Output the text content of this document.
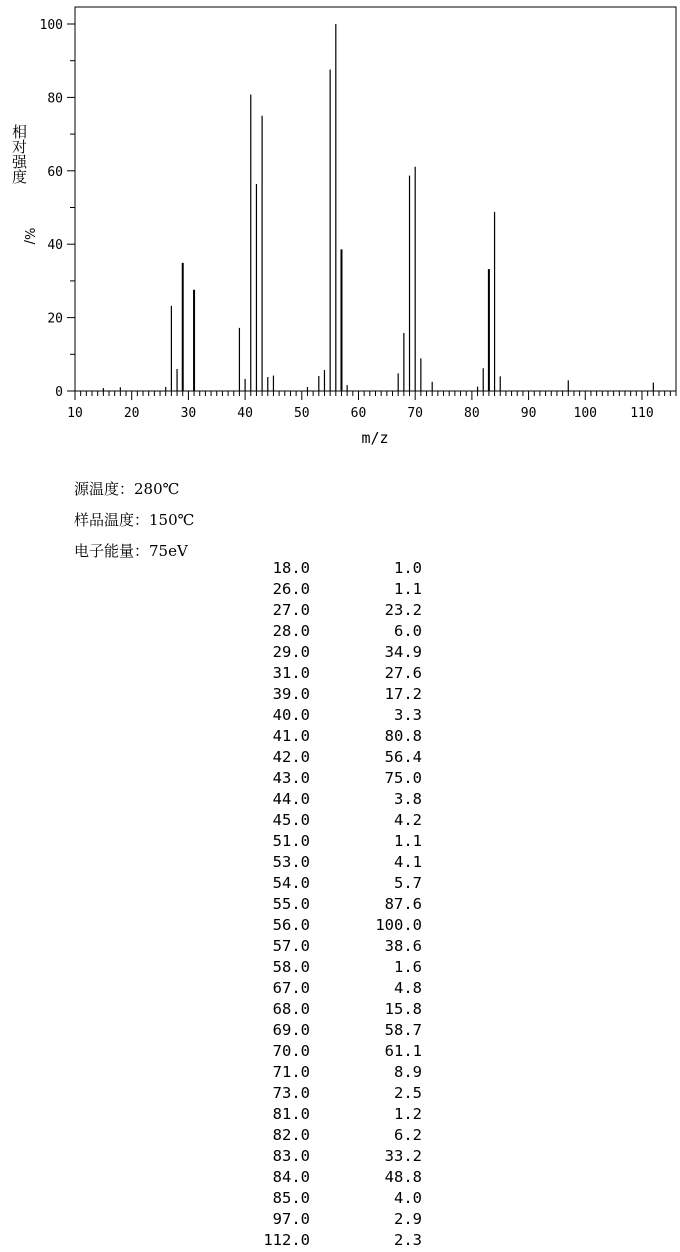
10	20	30	40	50	60	70	80	90	100	110
0
20
40
60
80
100
m/z
相对强度
%/
源温度：280℃
样品温度：150℃
电子能量：75eV
18.0	1.0
26.0	1.1
27.0	23.2
28.0	6.0
29.0	34.9
31.0	27.6
39.0	17.2
40.0	3.3
41.0	80.8
42.0	56.4
43.0	75.0
44.0	3.8
45.0	4.2
51.0	1.1
53.0	4.1
54.0	5.7
55.0	87.6
56.0	100.0
57.0	38.6
58.0	1.6
67.0	4.8
68.0	15.8
69.0	58.7
70.0	61.1
71.0	8.9
73.0	2.5
81.0	1.2
82.0	6.2
83.0	33.2
84.0	48.8
85.0	4.0
97.0	2.9
112.0	2.3
